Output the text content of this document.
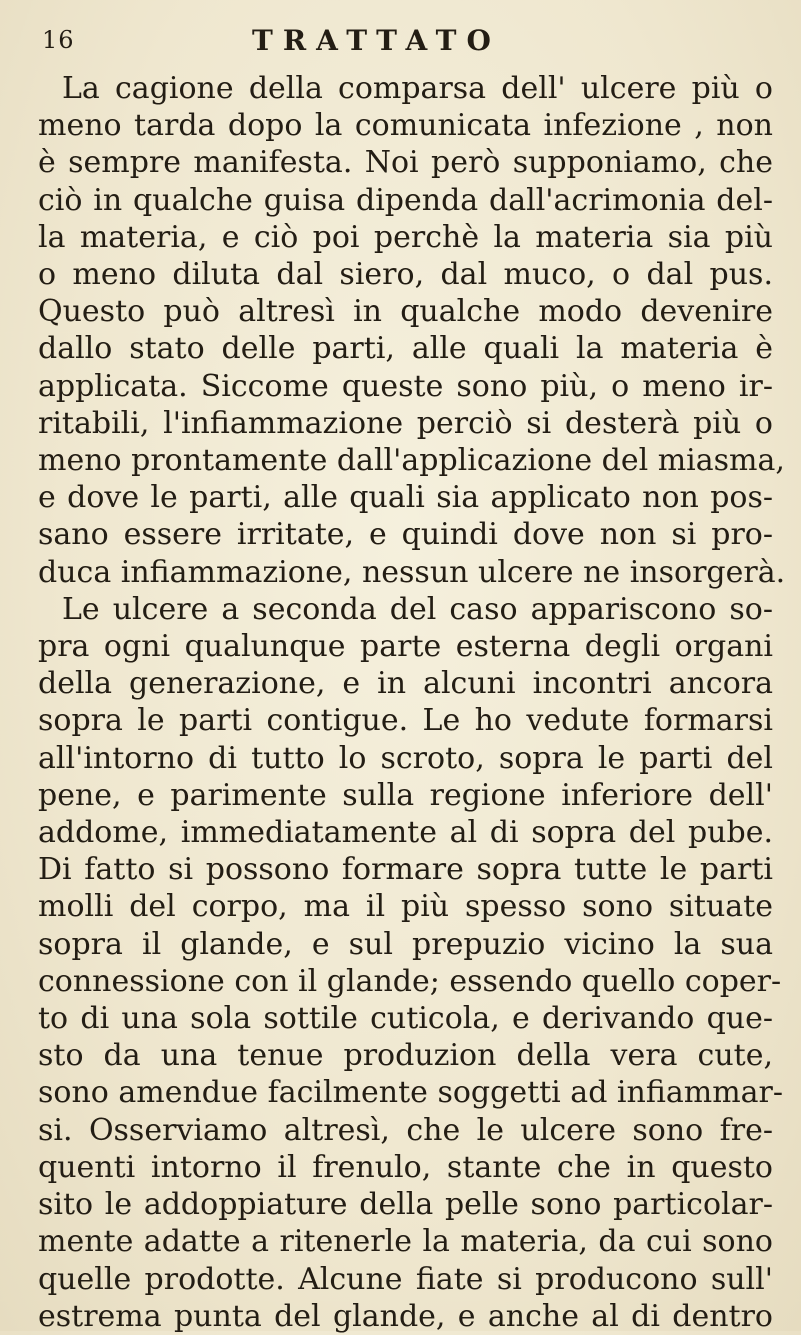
16	TRATTATO
La cagione della comparsa dell' ulcere più o
meno tarda dopo la comunicata infezione , non
è sempre manifesta. Noi però supponiamo, che
ciò in qualche guisa dipenda dall'acrimonia del-
la materia, e ciò poi perchè la materia sia più
o meno diluta dal siero, dal muco, o dal pus.
Questo può altresì in qualche modo devenire
dallo stato delle parti, alle quali la materia è
applicata. Siccome queste sono più, o meno ir-
ritabili, l'infiammazione perciò si desterà più o
meno prontamente dall'applicazione del miasma,
e dove le parti, alle quali sia applicato non pos-
sano essere irritate, e quindi dove non si pro-
duca infiammazione, nessun ulcere ne insorgerà.
Le ulcere a seconda del caso appariscono so-
pra ogni qualunque parte esterna degli organi
della generazione, e in alcuni incontri ancora
sopra le parti contigue. Le ho vedute formarsi
all'intorno di tutto lo scroto, sopra le parti del
pene, e parimente sulla regione inferiore dell'
addome, immediatamente al di sopra del pube.
Di fatto si possono formare sopra tutte le parti
molli del corpo, ma il più spesso sono situate
sopra il glande, e sul prepuzio vicino la sua
connessione con il glande; essendo quello coper-
to di una sola sottile cuticola, e derivando que-
sto da una tenue produzion della vera cute,
sono amendue facilmente soggetti ad infiammar-
si. Osserviamo altresì, che le ulcere sono fre-
quenti intorno il frenulo, stante che in questo
sito le addoppiature della pelle sono particolar-
mente adatte a ritenerle la materia, da cui sono
quelle prodotte. Alcune fiate si producono sull'
estrema punta del glande, e anche al di dentro
